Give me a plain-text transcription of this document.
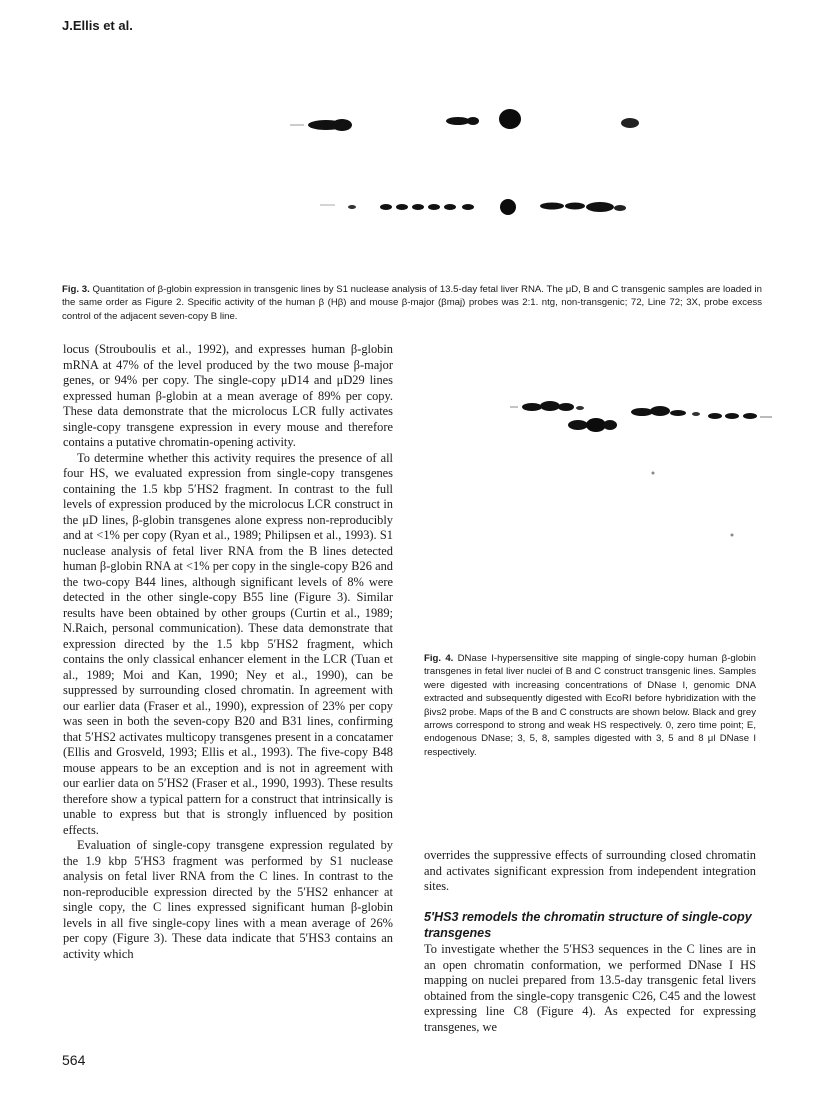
J.Ellis et al.

Fig. 3. Quantitation of β-globin expression in transgenic lines by S1 nuclease analysis of 13.5-day fetal liver RNA. The μD, B and C transgenic samples are loaded in the same order as Figure 2. Specific activity of the human β (Hβ) and mouse β-major (βmaj) probes was 2:1. ntg, non-transgenic; 72, Line 72; 3X, probe excess control of the adjacent seven-copy B line.

Fig. 4. DNase I-hypersensitive site mapping of single-copy human β-globin transgenes in fetal liver nuclei of B and C construct transgenic lines. Samples were digested with increasing concentrations of DNase I, genomic DNA extracted and subsequently digested with EcoRI before hybridization with the βivs2 probe. Maps of the B and C constructs are shown below. Black and grey arrows correspond to strong and weak HS respectively. 0, zero time point; E, endogenous DNase; 3, 5, 8, samples digested with 3, 5 and 8 μl DNase I respectively.

locus (Strouboulis et al., 1992), and expresses human β-globin mRNA at 47% of the level produced by the two mouse β-major genes, or 94% per copy. The single-copy μD14 and μD29 lines expressed human β-globin at a mean average of 89% per copy. These data demonstrate that the microlocus LCR fully activates single-copy transgene expression in every mouse and therefore contains a putative chromatin-opening activity.

To determine whether this activity requires the presence of all four HS, we evaluated expression from single-copy transgenes containing the 1.5 kbp 5′HS2 fragment. In contrast to the full levels of expression produced by the microlocus LCR construct in the μD lines, β-globin transgenes alone express non-reproducibly and at <1% per copy (Ryan et al., 1989; Philipsen et al., 1993). S1 nuclease analysis of fetal liver RNA from the B lines detected human β-globin RNA at <1% per copy in the single-copy B26 and the two-copy B44 lines, although significant levels of 8% were detected in the other single-copy B55 line (Figure 3). Similar results have been obtained by other groups (Curtin et al., 1989; N.Raich, personal communication). These data demonstrate that expression directed by the 1.5 kbp 5′HS2 fragment, which contains the only classical enhancer element in the LCR (Tuan et al., 1989; Moi and Kan, 1990; Ney et al., 1990), can be suppressed by surrounding closed chromatin. In agreement with our earlier data (Fraser et al., 1990), expression of 23% per copy was seen in both the seven-copy B20 and B31 lines, confirming that 5′HS2 activates multicopy transgenes present in a concatamer (Ellis and Grosveld, 1993; Ellis et al., 1993). The five-copy B48 mouse appears to be an exception and is not in agreement with our earlier data on 5′HS2 (Fraser et al., 1990, 1993). These results therefore show a typical pattern for a construct that intrinsically is unable to express but that is strongly influenced by position effects.

Evaluation of single-copy transgene expression regulated by the 1.9 kbp 5′HS3 fragment was performed by S1 nuclease analysis on fetal liver RNA from the C lines. In contrast to the non-reproducible expression directed by the 5′HS2 enhancer at single copy, the C lines expressed significant human β-globin levels in all five single-copy lines with a mean average of 26% per copy (Figure 3). These data indicate that 5′HS3 contains an activity which

overrides the suppressive effects of surrounding closed chromatin and activates significant expression from independent integration sites.

5′HS3 remodels the chromatin structure of single-copy transgenes

To investigate whether the 5′HS3 sequences in the C lines are in an open chromatin conformation, we performed DNase I HS mapping on nuclei prepared from 13.5-day transgenic fetal livers obtained from the single-copy transgenic C26, C45 and the lowest expressing line C8 (Figure 4). As expected for expressing transgenes, we

564
